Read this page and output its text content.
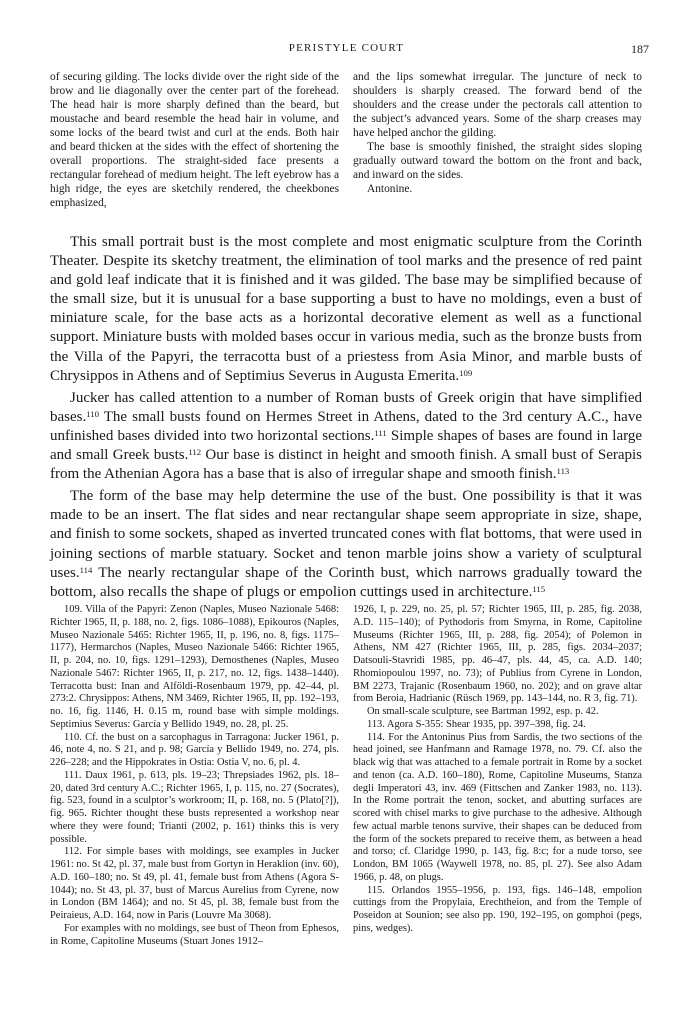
PERISTYLE COURT	187

of securing gilding. The locks divide over the right side of the brow and lie diagonally over the center part of the forehead. The head hair is more sharply defined than the beard, but moustache and beard resemble the head hair in volume, and some locks of the beard twist and curl at the ends. Both hair and beard thicken at the sides with the effect of shortening the overall proportions. The straight-sided face presents a rectangular forehead of medium height. The left eyebrow has a high ridge, the eyes are sketchily rendered, the cheekbones emphasized,

and the lips somewhat irregular. The juncture of neck to shoulders is sharply creased. The forward bend of the shoulders and the crease under the pectorals call attention to the subject’s advanced years. Some of the sharp creases may have helped anchor the gilding.

The base is smoothly finished, the straight sides sloping gradually outward toward the bottom on the front and back, and inward on the sides.

Antonine.

This small portrait bust is the most complete and most enigmatic sculpture from the Corinth Theater. Despite its sketchy treatment, the elimination of tool marks and the presence of red paint and gold leaf indicate that it is finished and it was gilded. The base may be simplified because of the small size, but it is unusual for a base supporting a bust to have no moldings, even a bust of miniature scale, for the base acts as a horizontal decorative element as well as a functional support. Miniature busts with molded bases occur in various media, such as the bronze busts from the Villa of the Papyri, the terracotta bust of a priestess from Asia Minor, and marble busts of Chrysippos in Athens and of Septimius Severus in Augusta Emerita.$^{109}$

Jucker has called attention to a number of Roman busts of Greek origin that have simplified bases.$^{110}$ The small busts found on Hermes Street in Athens, dated to the 3rd century A.C., have unfinished bases divided into two horizontal sections.$^{111}$ Simple shapes of bases are found in large and small Greek busts.$^{112}$ Our base is distinct in height and smooth finish. A small bust of Serapis from the Athenian Agora has a base that is also of irregular shape and smooth finish.$^{113}$

The form of the base may help determine the use of the bust. One possibility is that it was made to be an insert. The flat sides and near rectangular shape seem appropriate in size, shape, and finish to some sockets, shaped as inverted truncated cones with flat bottoms, that were used in joining sections of marble statuary. Socket and tenon marble joins show a variety of sculptural uses.$^{114}$ The nearly rectangular shape of the Corinth bust, which narrows gradually toward the bottom, also recalls the shape of plugs or empolion cuttings used in architecture.$^{115}$

109. Villa of the Papyri: Zenon (Naples, Museo Nazionale 5468: Richter 1965, II, p. 188, no. 2, figs. 1086–1088), Epikouros (Naples, Museo Nazionale 5465: Richter 1965, II, p. 196, no. 8, figs. 1175–1177), Hermarchos (Naples, Museo Nazionale 5466: Richter 1965, II, p. 204, no. 10, figs. 1291–1293), Demosthenes (Naples, Museo Nazionale 5467: Richter 1965, II, p. 217, no. 12, figs. 1438–1440). Terracotta bust: Inan and Alföldi-Rosenbaum 1979, pp. 42–44, pl. 273:2. Chrysippos: Athens, NM 3469, Richter 1965, II, pp. 192–193, no. 16, fig. 1146, H. 0.15 m, round base with simple moldings. Septimius Severus: García y Bellido 1949, no. 28, pl. 25.

110. Cf. the bust on a sarcophagus in Tarragona: Jucker 1961, p. 46, note 4, no. S 21, and p. 98; García y Bellido 1949, no. 274, pls. 226–228; and the Hippokrates in Ostia: Ostia V, no. 6, pl. 4.

111. Daux 1961, p. 613, pls. 19–23; Threpsiades 1962, pls. 18–20, dated 3rd century A.C.; Richter 1965, I, p. 115, no. 27 (Socrates), fig. 523, found in a sculptor’s workroom; II, p. 168, no. 5 (Plato[?]), fig. 965. Richter thought these busts represented a workshop near where they were found; Trianti (2002, p. 161) thinks this is very possible.

112. For simple bases with moldings, see examples in Jucker 1961: no. St 42, pl. 37, male bust from Gortyn in Heraklion (inv. 60), A.D. 160–180; no. St 49, pl. 41, female bust from Athens (Agora S-1044); no. St 43, pl. 37, bust of Marcus Aurelius from Cyrene, now in London (BM 1464); and no. St 45, pl. 38, female bust from the Peiraieus, A.D. 164, now in Paris (Louvre Ma 3068).

For examples with no moldings, see bust of Theon from Ephesos, in Rome, Capitoline Museums (Stuart Jones 1912–

1926, I, p. 229, no. 25, pl. 57; Richter 1965, III, p. 285, fig. 2038, A.D. 115–140); of Pythodoris from Smyrna, in Rome, Capitoline Museums (Richter 1965, III, p. 288, fig. 2054); of Polemon in Athens, NM 427 (Richter 1965, III, p. 285, figs. 2034–2037; Datsouli-Stavridi 1985, pp. 46–47, pls. 44, 45, ca. A.D. 140; Rhomiopoulou 1997, no. 73); of Publius from Cyrene in London, BM 2273, Trajanic (Rosenbaum 1960, no. 202); and on grave altar from Beroia, Hadrianic (Rüsch 1969, pp. 143–144, no. R 3, fig. 71).

On small-scale sculpture, see Bartman 1992, esp. p. 42.

113. Agora S-355: Shear 1935, pp. 397–398, fig. 24.

114. For the Antoninus Pius from Sardis, the two sections of the head joined, see Hanfmann and Ramage 1978, no. 79. Cf. also the black wig that was attached to a female portrait in Rome by a socket and tenon (ca. A.D. 160–180), Rome, Capitoline Museums, Stanza degli Imperatori 43, inv. 469 (Fittschen and Zanker 1983, no. 113). In the Rome portrait the tenon, socket, and abutting surfaces are scored with chisel marks to give purchase to the adhesive. Although few actual marble tenons survive, their shapes can be deduced from the form of the sockets prepared to receive them, as between a head and torso; cf. Claridge 1990, p. 143, fig. 8:c; for a nude torso, see London, BM 1065 (Waywell 1978, no. 85, pl. 27). See also Adam 1966, p. 48, on plugs.

115. Orlandos 1955–1956, p. 193, figs. 146–148, empolion cuttings from the Propylaia, Erechtheion, and from the Temple of Poseidon at Sounion; see also pp. 190, 192–195, on gomphoi (pegs, pins, wedges).
